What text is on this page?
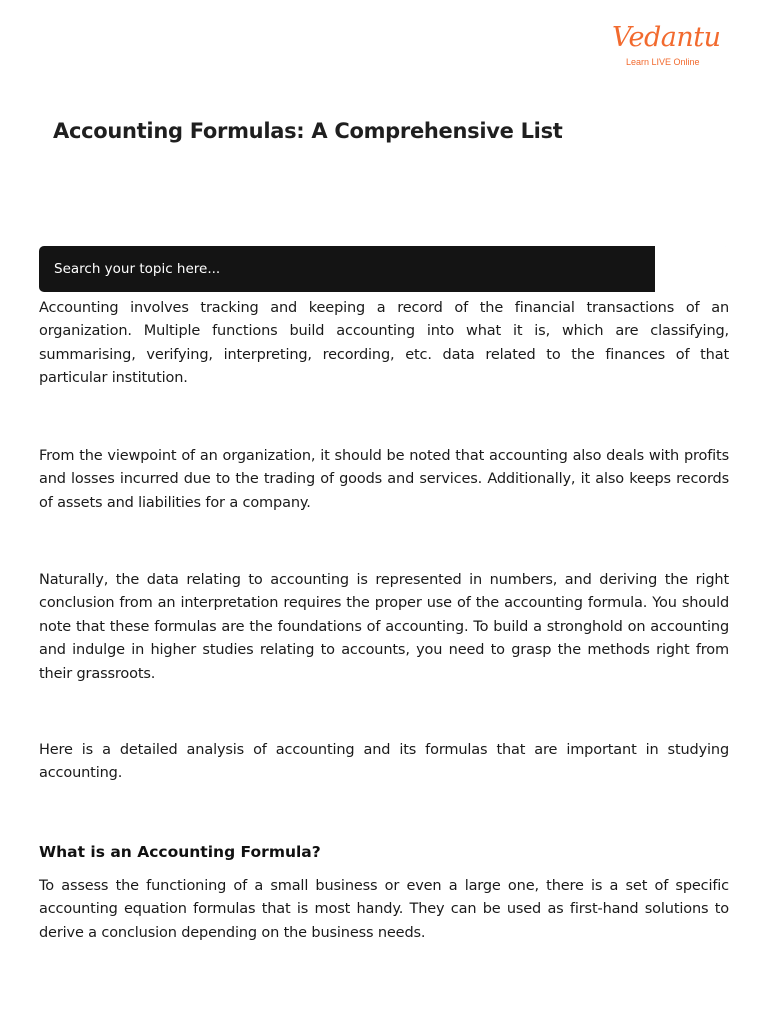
Vedantu
Learn LIVE Online
Accounting Formulas: A Comprehensive List
Search your topic here...

Accounting involves tracking and keeping a record of the financial transactions of an organization. Multiple functions build accounting into what it is, which are classifying, summarising, verifying, interpreting, recording, etc. data related to the finances of that particular institution.

From the viewpoint of an organization, it should be noted that accounting also deals with profits and losses incurred due to the trading of goods and services. Additionally, it also keeps records of assets and liabilities for a company.

Naturally, the data relating to accounting is represented in numbers, and deriving the right conclusion from an interpretation requires the proper use of the accounting formula. You should note that these formulas are the foundations of accounting. To build a stronghold on accounting and indulge in higher studies relating to accounts, you need to grasp the methods right from their grassroots.

Here is a detailed analysis of accounting and its formulas that are important in studying accounting.

What is an Accounting Formula?

To assess the functioning of a small business or even a large one, there is a set of specific accounting equation formulas that is most handy. They can be used as first-hand solutions to derive a conclusion depending on the business needs.
